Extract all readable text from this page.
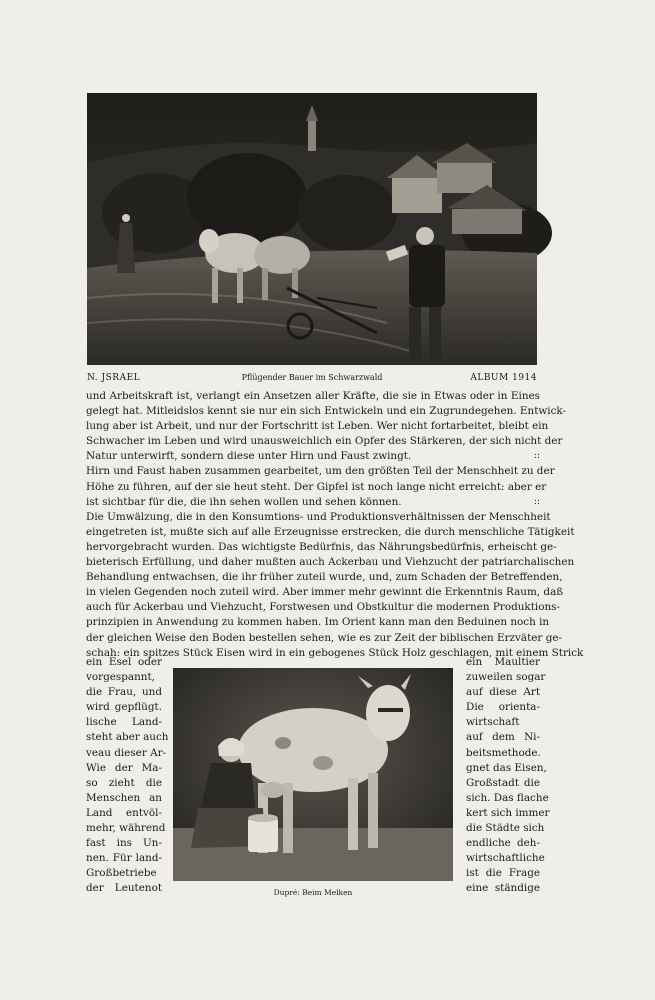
N. JSRAEL	Pflügender Bauer im Schwarzwald	ALBUM 1914
und Arbeitskraft ist, verlangt ein Ansetzen aller Kräfte, die sie in Etwas oder in Eines
gelegt hat. Mitleidslos kennt sie nur ein sich Entwickeln und ein Zugrundegehen. Entwick-
lung aber ist Arbeit, und nur der Fortschritt ist Leben. Wer nicht fortarbeitet, bleibt ein
Schwacher im Leben und wird unausweichlich ein Opfer des Stärkeren, der sich nicht der
Natur unterwirft, sondern diese unter Hirn und Faust zwingt.	::
Hirn und Faust haben zusammen gearbeitet, um den größten Teil der Menschheit zu der
Höhe zu führen, auf der sie heut steht. Der Gipfel ist noch lange nicht erreicht: aber er
ist sichtbar für die, die ihn sehen wollen und sehen können.	::
Die Umwälzung, die in den Konsumtions- und Produktionsverhältnissen der Menschheit
eingetreten ist, mußte sich auf alle Erzeugnisse erstrecken, die durch menschliche Tätigkeit
hervorgebracht wurden. Das wichtigste Bedürfnis, das Nährungsbedürfnis, erheischt ge-
bieterisch Erfüllung, und daher mußten auch Ackerbau und Viehzucht der patriarchalischen
Behandlung entwachsen, die ihr früher zuteil wurde, und, zum Schaden der Betreffenden,
in vielen Gegenden noch zuteil wird. Aber immer mehr gewinnt die Erkenntnis Raum, daß
auch für Ackerbau und Viehzucht, Forstwesen und Obstkultur die modernen Produktions-
prinzipien in Anwendung zu kommen haben. Im Orient kann man den Beduinen noch in
der gleichen Weise den Boden bestellen sehen, wie es zur Zeit der biblischen Erzväter ge-
schah: ein spitzes Stück Eisen wird in ein gebogenes Stück Holz geschlagen, mit einem Strick
ein Esel oder
vorgespannt,
die Frau, und
wird gepflügt.
lische Land-
steht aber auch
veau dieser Ar-
Wie der Ma-
so zieht die
Menschen an
Land entvöl-
mehr, während
fast ins Un-
nen. Für land-
Großbetriebe
der Leutenot
ein Maultier
zuweilen sogar
auf diese Art
Die orienta-
wirtschaft
auf dem Ni-
beitsmethode.
gnet das Eisen,
Großstadt die
sich. Das flache
kert sich immer
die Städte sich
endliche deh-
wirtschaftliche
ist die Frage
eine ständige
Dupré: Beim Melken
